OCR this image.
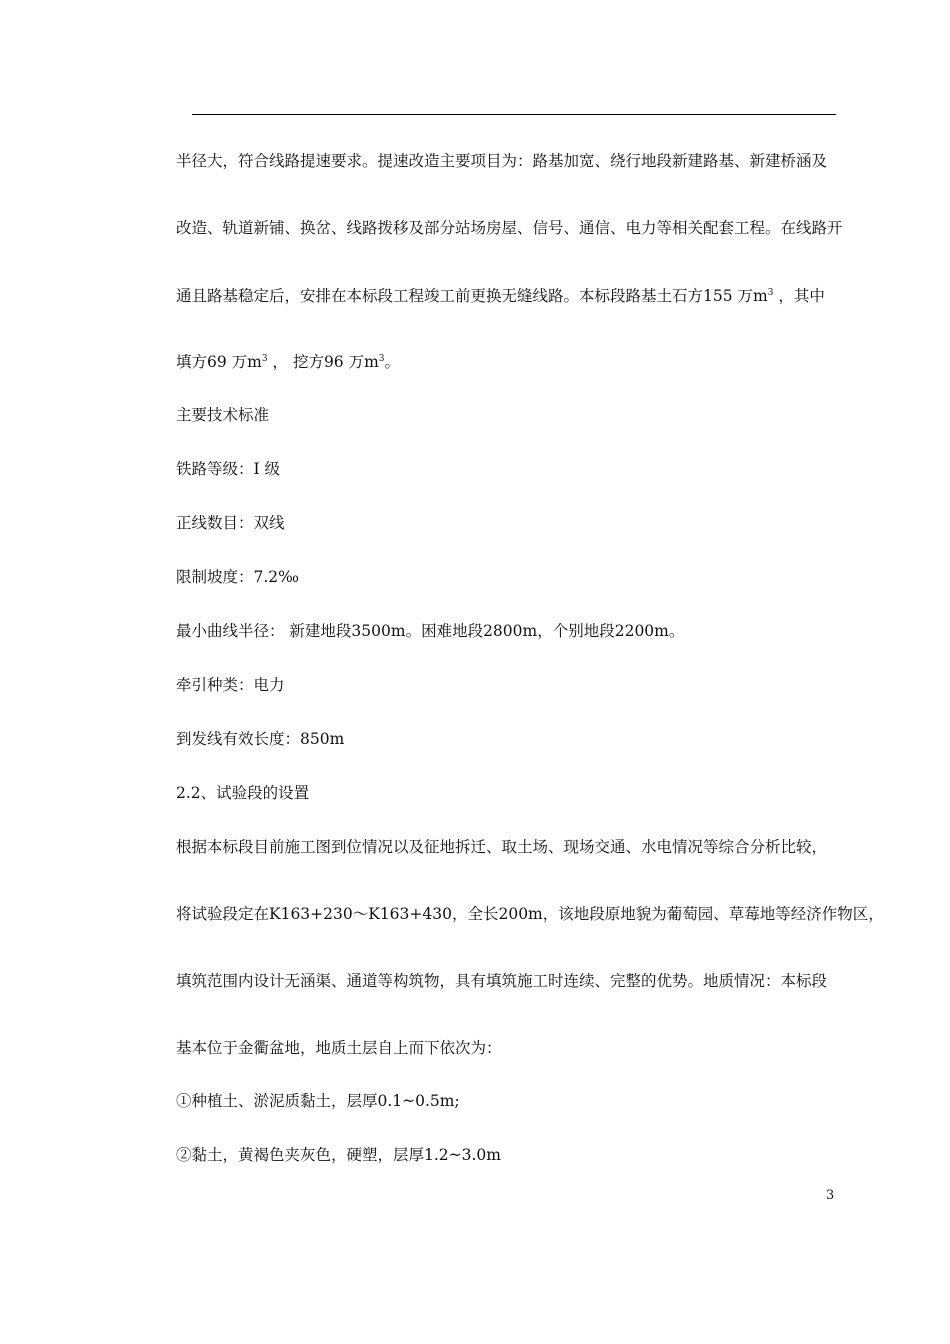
半径大，符合线路提速要求。提速改造主要项目为：路基加宽、绕行地段新建路基、新建桥涵及
改造、轨道新铺、换岔、线路拨移及部分站场房屋、信号、通信、电力等相关配套工程。在线路开
通且路基稳定后，安排在本标段工程竣工前更换无缝线路。本标段路基土石方155 万$m^3$ ，其中
填方69 万$m^3$ ， 挖方96 万$m^3$。
主要技术标准
铁路等级：I 级
正线数目：双线
限制坡度：7.2‰
最小曲线半径： 新建地段3500m。困难地段2800m，个别地段2200m。
牵引种类：电力
到发线有效长度：850m
2.2、试验段的设置
根据本标段目前施工图到位情况以及征地拆迁、取土场、现场交通、水电情况等综合分析比较，
将试验段定在K163+230～K163+430，全长200m，该地段原地貌为葡萄园、草莓地等经济作物区，
填筑范围内设计无涵渠、通道等构筑物，具有填筑施工时连续、完整的优势。地质情况：本标段
基本位于金衢盆地，地质土层自上而下依次为：
①种植土、淤泥质黏土，层厚0.1~0.5m;
②黏土，黄褐色夹灰色，硬塑，层厚1.2~3.0m
3
